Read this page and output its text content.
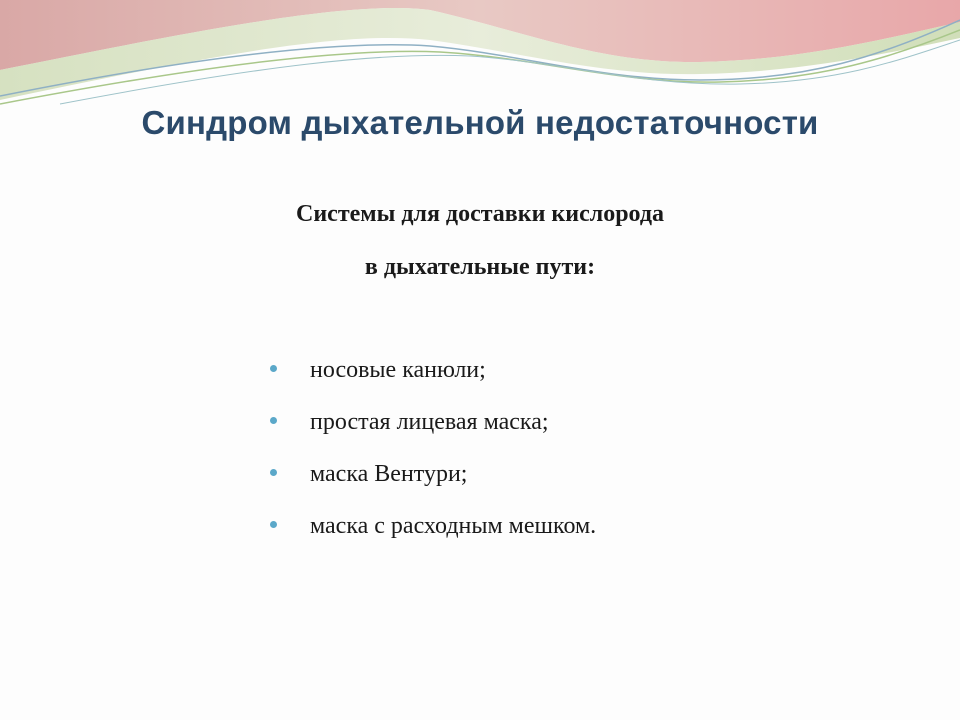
Синдром дыхательной недостаточности

Системы для доставки кислорода

в дыхательные пути:

носовые канюли;
простая лицевая маска;
маска Вентури;
маска с расходным мешком.
